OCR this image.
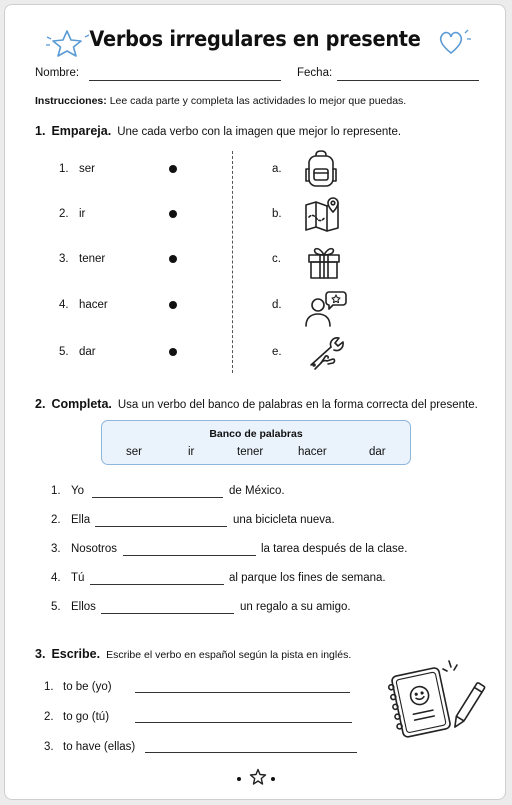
Verbos irregulares en presente
Nombre:	Fecha:
Instrucciones: Lee cada parte y completa las actividades lo mejor que puedas.
1. Empareja. Une cada verbo con la imagen que mejor lo represente.
1. ser
2. ir
3. tener
4. hacer
5. dar
a.
b.
c.
d.
e.
2. Completa. Usa un verbo del banco de palabras en la forma correcta del presente.
Banco de palabras
ser	ir	tener	hacer	dar
1. Yo	de México.
2. Ella	una bicicleta nueva.
3. Nosotros	la tarea después de la clase.
4. Tú	al parque los fines de semana.
5. Ellos	un regalo a su amigo.
3. Escribe. Escribe el verbo en español según la pista en inglés.
1. to be (yo)
2. to go (tú)
3. to have (ellas)
